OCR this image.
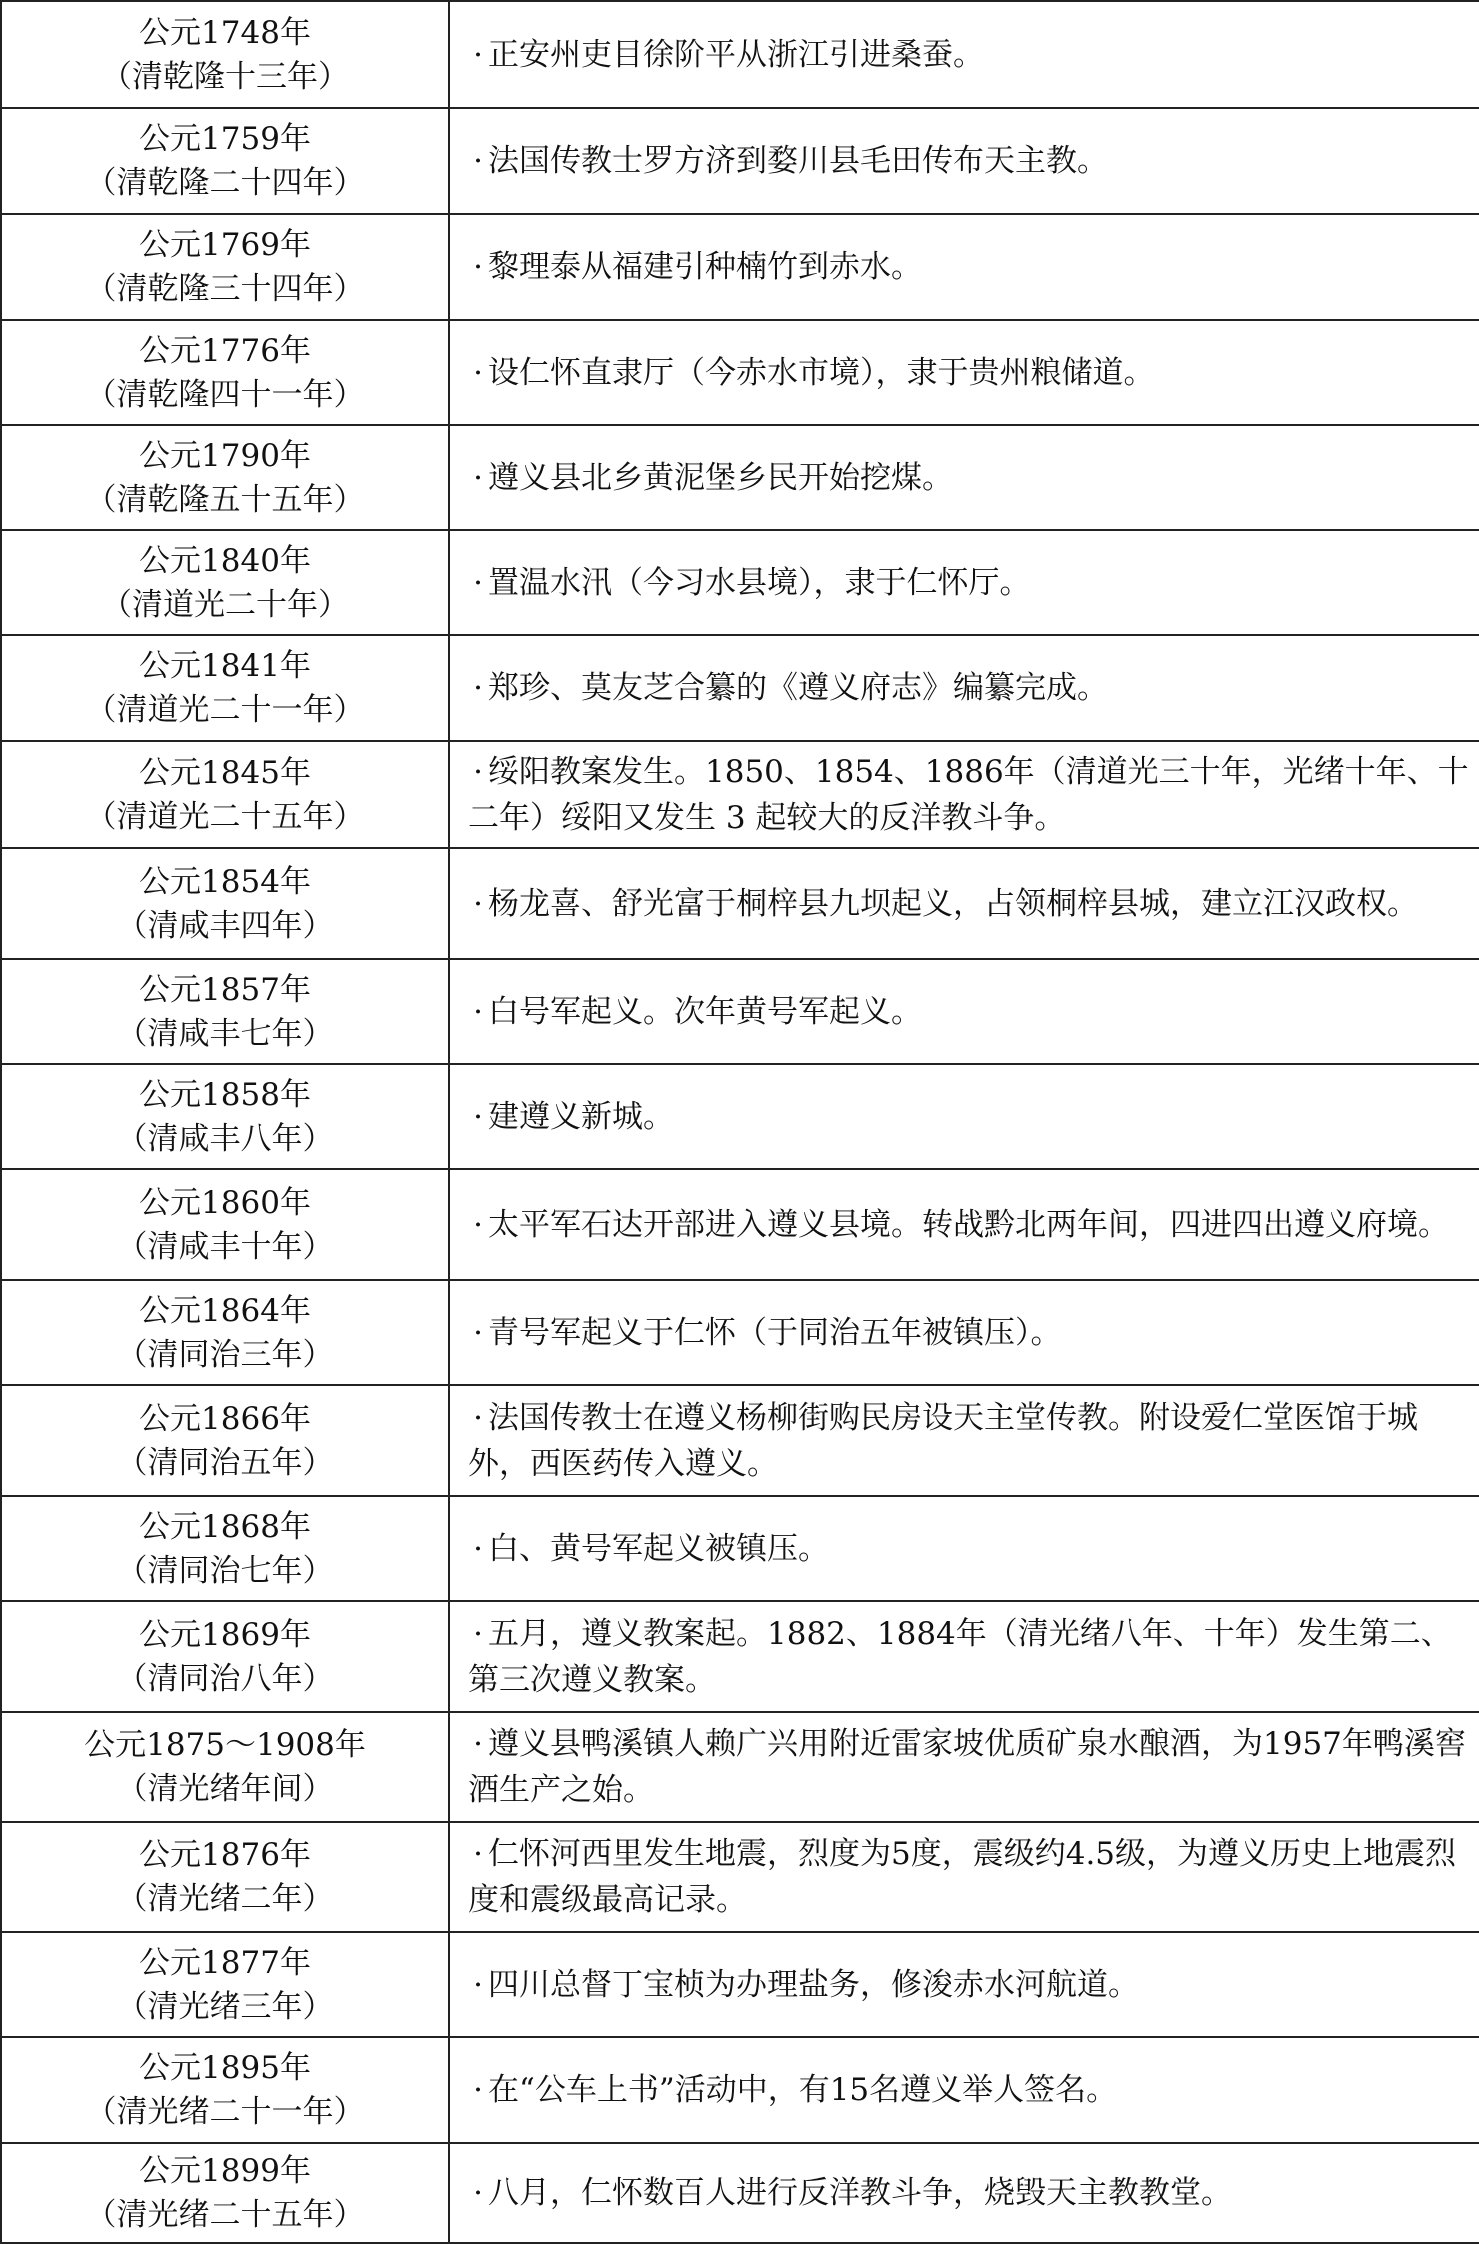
公元1748年
（清乾隆十三年）	· 正安州吏目徐阶平从浙江引进桑蚕。

公元1759年
（清乾隆二十四年）	· 法国传教士罗方济到婺川县毛田传布天主教。

公元1769年
（清乾隆三十四年）	· 黎理泰从福建引种楠竹到赤水。

公元1776年
（清乾隆四十一年）	· 设仁怀直隶厅（今赤水市境），隶于贵州粮储道。

公元1790年
（清乾隆五十五年）	· 遵义县北乡黄泥堡乡民开始挖煤。

公元1840年
（清道光二十年）	· 置温水汛（今习水县境），隶于仁怀厅。

公元1841年
（清道光二十一年）	· 郑珍、莫友芝合纂的《遵义府志》编纂完成。

公元1845年
（清道光二十五年）	· 绥阳教案发生。1850、1854、1886年（清道光三十年，光绪十年、十二年）绥阳又发生 3 起较大的反洋教斗争。

公元1854年
（清咸丰四年）	· 杨龙喜、舒光富于桐梓县九坝起义，占领桐梓县城，建立江汉政权。

公元1857年
（清咸丰七年）	· 白号军起义。次年黄号军起义。

公元1858年
（清咸丰八年）	· 建遵义新城。

公元1860年
（清咸丰十年）	· 太平军石达开部进入遵义县境。转战黔北两年间，四进四出遵义府境。

公元1864年
（清同治三年）	· 青号军起义于仁怀（于同治五年被镇压）。

公元1866年
（清同治五年）	· 法国传教士在遵义杨柳街购民房设天主堂传教。附设爱仁堂医馆于城外，西医药传入遵义。

公元1868年
（清同治七年）	· 白、黄号军起义被镇压。

公元1869年
（清同治八年）	· 五月，遵义教案起。1882、1884年（清光绪八年、十年）发生第二、第三次遵义教案。

公元1875～1908年
（清光绪年间）	· 遵义县鸭溪镇人赖广兴用附近雷家坡优质矿泉水酿酒，为1957年鸭溪窖酒生产之始。

公元1876年
（清光绪二年）	· 仁怀河西里发生地震，烈度为5度，震级约4.5级，为遵义历史上地震烈度和震级最高记录。

公元1877年
（清光绪三年）	· 四川总督丁宝桢为办理盐务，修浚赤水河航道。

公元1895年
（清光绪二十一年）	· 在“公车上书”活动中，有15名遵义举人签名。

公元1899年
（清光绪二十五年）	· 八月，仁怀数百人进行反洋教斗争，烧毁天主教教堂。
